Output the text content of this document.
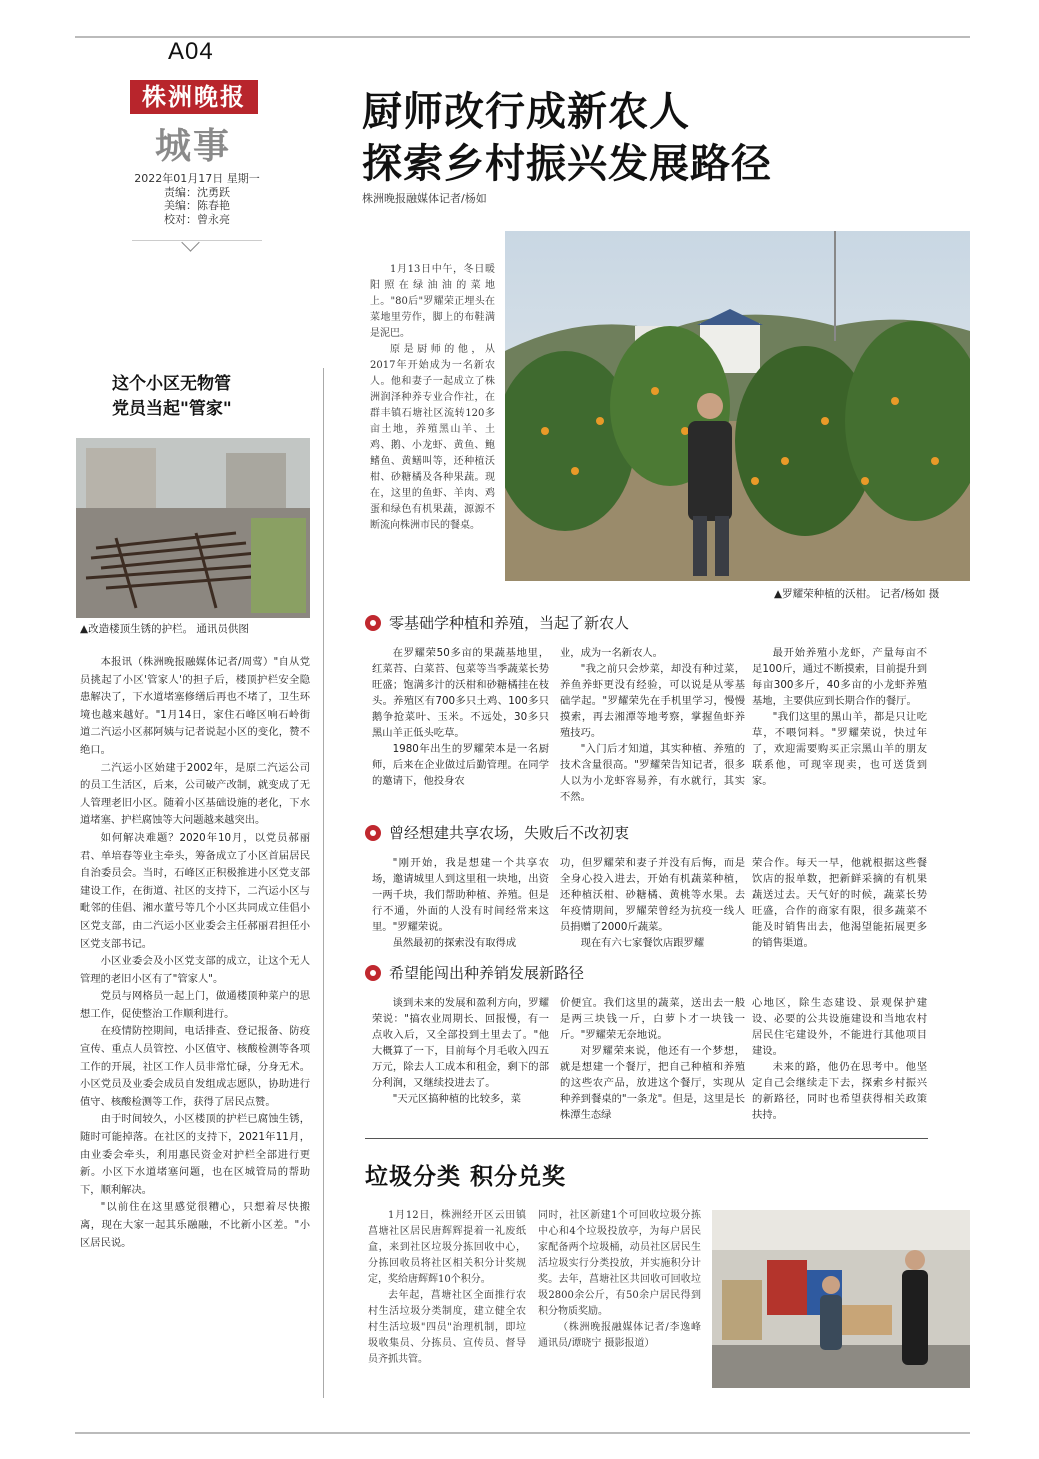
A04
株洲晚报
城事
2022年01月17日 星期一
责编：沈勇跃
美编：陈春艳
校对：曾永亮
厨师改行成新农人
探索乡村振兴发展路径
株洲晚报融媒体记者/杨如

1月13日中午，冬日暖阳照在绿油油的菜地上。"80后"罗耀荣正埋头在菜地里劳作，脚上的布鞋满是泥巴。

原是厨师的他，从2017年开始成为一名新农人。他和妻子一起成立了株洲润泽种养专业合作社，在群丰镇石塘社区流转120多亩土地，养殖黑山羊、土鸡、鹅、小龙虾、黄鱼、鲍鳍鱼、黄鳝叫等，还种植沃柑、砂糖橘及各种果蔬。现在，这里的鱼虾、羊肉、鸡蛋和绿色有机果蔬，源源不断流向株洲市民的餐桌。

▲罗耀荣种植的沃柑。 记者/杨如 摄
零基础学种植和养殖，当起了新农人

在罗耀荣50多亩的果蔬基地里，红菜苔、白菜苔、包菜等当季蔬菜长势旺盛；饱满多汁的沃柑和砂糖橘挂在枝头。养殖区有700多只土鸡、100多只鹅争抢菜叶、玉米。不远处，30多只黑山羊正低头吃草。

1980年出生的罗耀荣本是一名厨师，后来在企业做过后勤管理。在同学的邀请下，他投身农

业，成为一名新农人。

"我之前只会炒菜，却没有种过菜，养鱼养虾更没有经验，可以说是从零基础学起。"罗耀荣先在手机里学习，慢慢摸索，再去湘潭等地考察，掌握鱼虾养殖技巧。

"入门后才知道，其实种植、养殖的技术含量很高。"罗耀荣告知记者，很多人以为小龙虾容易养，有水就行，其实不然。

最开始养殖小龙虾，产量每亩不足100斤，通过不断摸索，目前提升到每亩300多斤，40多亩的小龙虾养殖基地，主要供应到长期合作的餐厅。

"我们这里的黑山羊，都是只让吃草，不喂饲料。"罗耀荣说，快过年了，欢迎需要购买正宗黑山羊的朋友联系他，可现宰现卖，也可送货到家。

曾经想建共享农场，失败后不改初衷

"刚开始，我是想建一个共享农场，邀请城里人到这里租一块地，出资一两千块，我们帮助种植、养殖。但是行不通，外面的人没有时间经常来这里。"罗耀荣说。

虽然最初的探索没有取得成

功，但罗耀荣和妻子并没有后悔，而是全身心投入进去，开始有机蔬菜种植，还种植沃柑、砂糖橘、黄桃等水果。去年疫情期间，罗耀荣曾经为抗疫一线人员捐赠了2000斤蔬菜。

现在有六七家餐饮店跟罗耀

荣合作。每天一早，他就根据这些餐饮店的报单数，把新鲜采摘的有机果蔬送过去。天气好的时候，蔬菜长势旺盛，合作的商家有限，很多蔬菜不能及时销售出去，他渴望能拓展更多的销售渠道。

希望能闯出种养销发展新路径

谈到未来的发展和盈利方向，罗耀荣说："搞农业周期长、回报慢，有一点收入后，又全部投到土里去了。"他大概算了一下，目前每个月毛收入四五万元，除去人工成本和租金，剩下的部分利润，又继续投进去了。

"天元区搞种植的比较多，菜

价便宜。我们这里的蔬菜，送出去一般是两三块钱一斤，白萝卜才一块钱一斤。"罗耀荣无奈地说。

对罗耀荣来说，他还有一个梦想，就是想建一个餐厅，把自己种植和养殖的这些农产品，放进这个餐厅，实现从种养到餐桌的"一条龙"。但是，这里是长株潭生态绿

心地区，除生态建设、景观保护建设、必要的公共设施建设和当地农村居民住宅建设外，不能进行其他项目建设。

未来的路，他仍在思考中。他坚定自己会继续走下去，探索乡村振兴的新路径，同时也希望获得相关政策扶持。

这个小区无物管
党员当起"管家"
▲改造楼顶生锈的护栏。 通讯员供图

本报讯（株洲晚报融媒体记者/周莺）"自从党员挑起了小区'管家人'的担子后，楼顶护栏安全隐患解决了，下水道堵塞修缮后再也不堵了，卫生环境也越来越好。"1月14日，家住石峰区响石岭街道二汽运小区郝阿姨与记者说起小区的变化，赞不绝口。

二汽运小区始建于2002年，是原二汽运公司的员工生活区，后来，公司破产改制，就变成了无人管理老旧小区。随着小区基础设施的老化，下水道堵塞、护栏腐蚀等大问题越来越突出。

如何解决难题？2020年10月，以党员郝丽君、单培春等业主牵头，筹备成立了小区首届居民自治委员会。当时，石峰区正积极推进小区党支部建设工作，在街道、社区的支持下，二汽运小区与毗邻的佳倡、湘水董号等几个小区共同成立佳倡小区党支部，由二汽运小区业委会主任郝丽君担任小区党支部书记。

小区业委会及小区党支部的成立，让这个无人管理的老旧小区有了"管家人"。

党员与网格员一起上门，做通楼顶种菜户的思想工作，促使整治工作顺利进行。

在疫情防控期间，电话排查、登记报备、防疫宣传、重点人员管控、小区值守、核酸检测等各项工作的开展，社区工作人员非常忙碌，分身无术。小区党员及业委会成员自发组成志愿队，协助进行值守、核酸检测等工作，获得了居民点赞。

由于时间较久，小区楼顶的护栏已腐蚀生锈，随时可能掉落。在社区的支持下，2021年11月，由业委会牵头，利用惠民资金对护栏全部进行更新。小区下水道堵塞问题，也在区城管局的帮助下，顺利解决。

"以前住在这里感觉很糟心，只想着尽快搬离，现在大家一起其乐融融，不比新小区差。"小区居民说。

垃圾分类 积分兑奖

1月12日，株洲经开区云田镇菖塘社区居民唐辉辉提着一礼废纸盒，来到社区垃圾分拣回收中心，分拣回收员将社区相关积分计奖规定，奖给唐辉辉10个积分。

去年起，菖塘社区全面推行农村生活垃圾分类制度，建立健全农村生活垃圾"四员"治理机制，即垃圾收集员、分拣员、宣传员、督导员齐抓共管。

同时，社区新建1个可回收垃圾分拣中心和4个垃圾投放亭，为每户居民家配备两个垃圾桶，动员社区居民生活垃圾实行分类投放，并实施积分计奖。去年，菖塘社区共回收可回收垃圾2800余公斤，有50余户居民得到积分物质奖励。

（株洲晚报融媒体记者/李逸峰 通讯员/谭晓宁 摄影报道）
